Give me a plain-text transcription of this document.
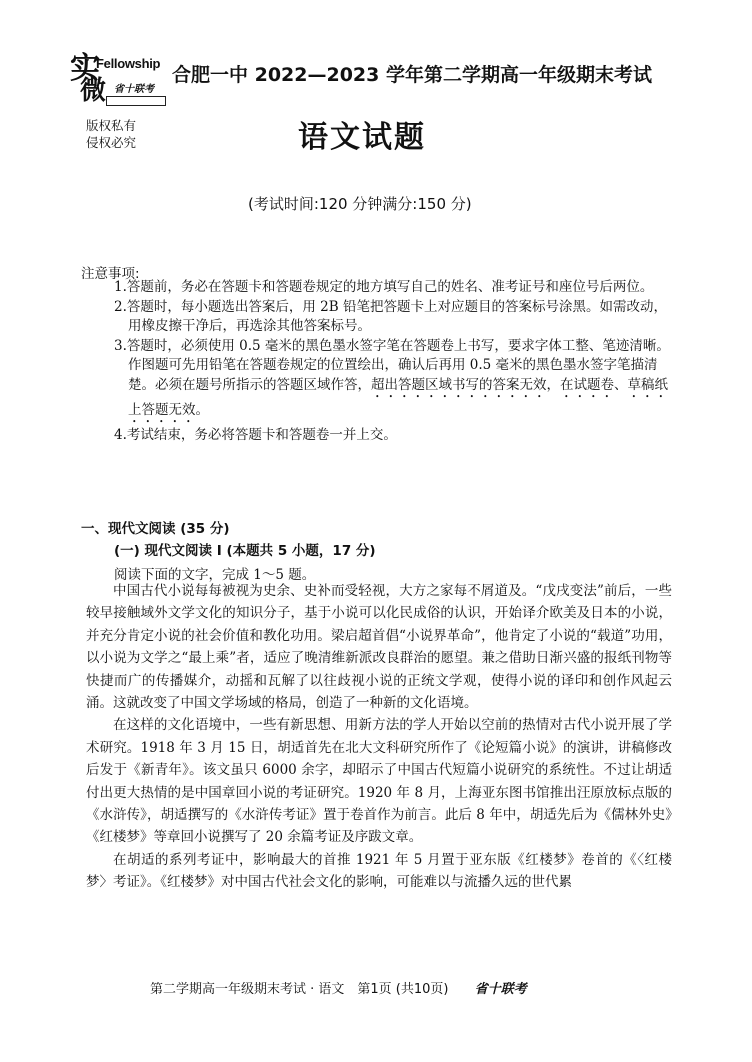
实
微
Fellowship
省十联考
合肥一中 2022—2023 学年第二学期高一年级期末考试
版权私有
侵权必究	语文试题
(考试时间:120 分钟满分:150 分)
注意事项:
1.答题前，务必在答题卡和答题卷规定的地方填写自己的姓名、准考证号和座位号后两位。
2.答题时，每小题选出答案后，用 2B 铅笔把答题卡上对应题目的答案标号涂黑。如需改动，用橡皮擦干净后，再选涂其他答案标号。
3.答题时，必须使用 0.5 毫米的黑色墨水签字笔在答题卷上书写，要求字体工整、笔迹清晰。作图题可先用铅笔在答题卷规定的位置绘出，确认后再用 0.5 毫米的黑色墨水签字笔描清楚。必须在题号所指示的答题区域作答，超出答题区域书写的答案无效，在试题卷、草稿纸上答题无效。
4.考试结束，务必将答题卡和答题卷一并上交。
一、现代文阅读 (35 分)
(一) 现代文阅读 Ⅰ (本题共 5 小题，17 分)
阅读下面的文字，完成 1～5 题。

中国古代小说每每被视为史余、史补而受轻视，大方之家每不屑道及。“戊戌变法”前后，一些较早接触域外文学文化的知识分子，基于小说可以化民成俗的认识，开始译介欧美及日本的小说，并充分肯定小说的社会价值和教化功用。梁启超首倡“小说界革命”，他肯定了小说的“载道”功用，以小说为文学之“最上乘”者，适应了晚清维新派改良群治的愿望。兼之借助日渐兴盛的报纸刊物等快捷而广的传播媒介，动摇和瓦解了以往歧视小说的正统文学观，使得小说的译印和创作风起云涌。这就改变了中国文学场域的格局，创造了一种新的文化语境。

在这样的文化语境中，一些有新思想、用新方法的学人开始以空前的热情对古代小说开展了学术研究。1918 年 3 月 15 日，胡适首先在北大文科研究所作了《论短篇小说》的演讲，讲稿修改后发于《新青年》。该文虽只 6000 余字，却昭示了中国古代短篇小说研究的系统性。不过让胡适付出更大热情的是中国章回小说的考证研究。1920 年 8 月，上海亚东图书馆推出汪原放标点版的《水浒传》，胡适撰写的《水浒传考证》置于卷首作为前言。此后 8 年中，胡适先后为《儒林外史》《红楼梦》等章回小说撰写了 20 余篇考证及序跋文章。

在胡适的系列考证中，影响最大的首推 1921 年 5 月置于亚东版《红楼梦》卷首的《〈红楼梦〉考证》。《红楼梦》对中国古代社会文化的影响，可能难以与流播久远的世代累

第二学期高一年级期末考试 · 语文　第1页 (共10页) 省十联考
